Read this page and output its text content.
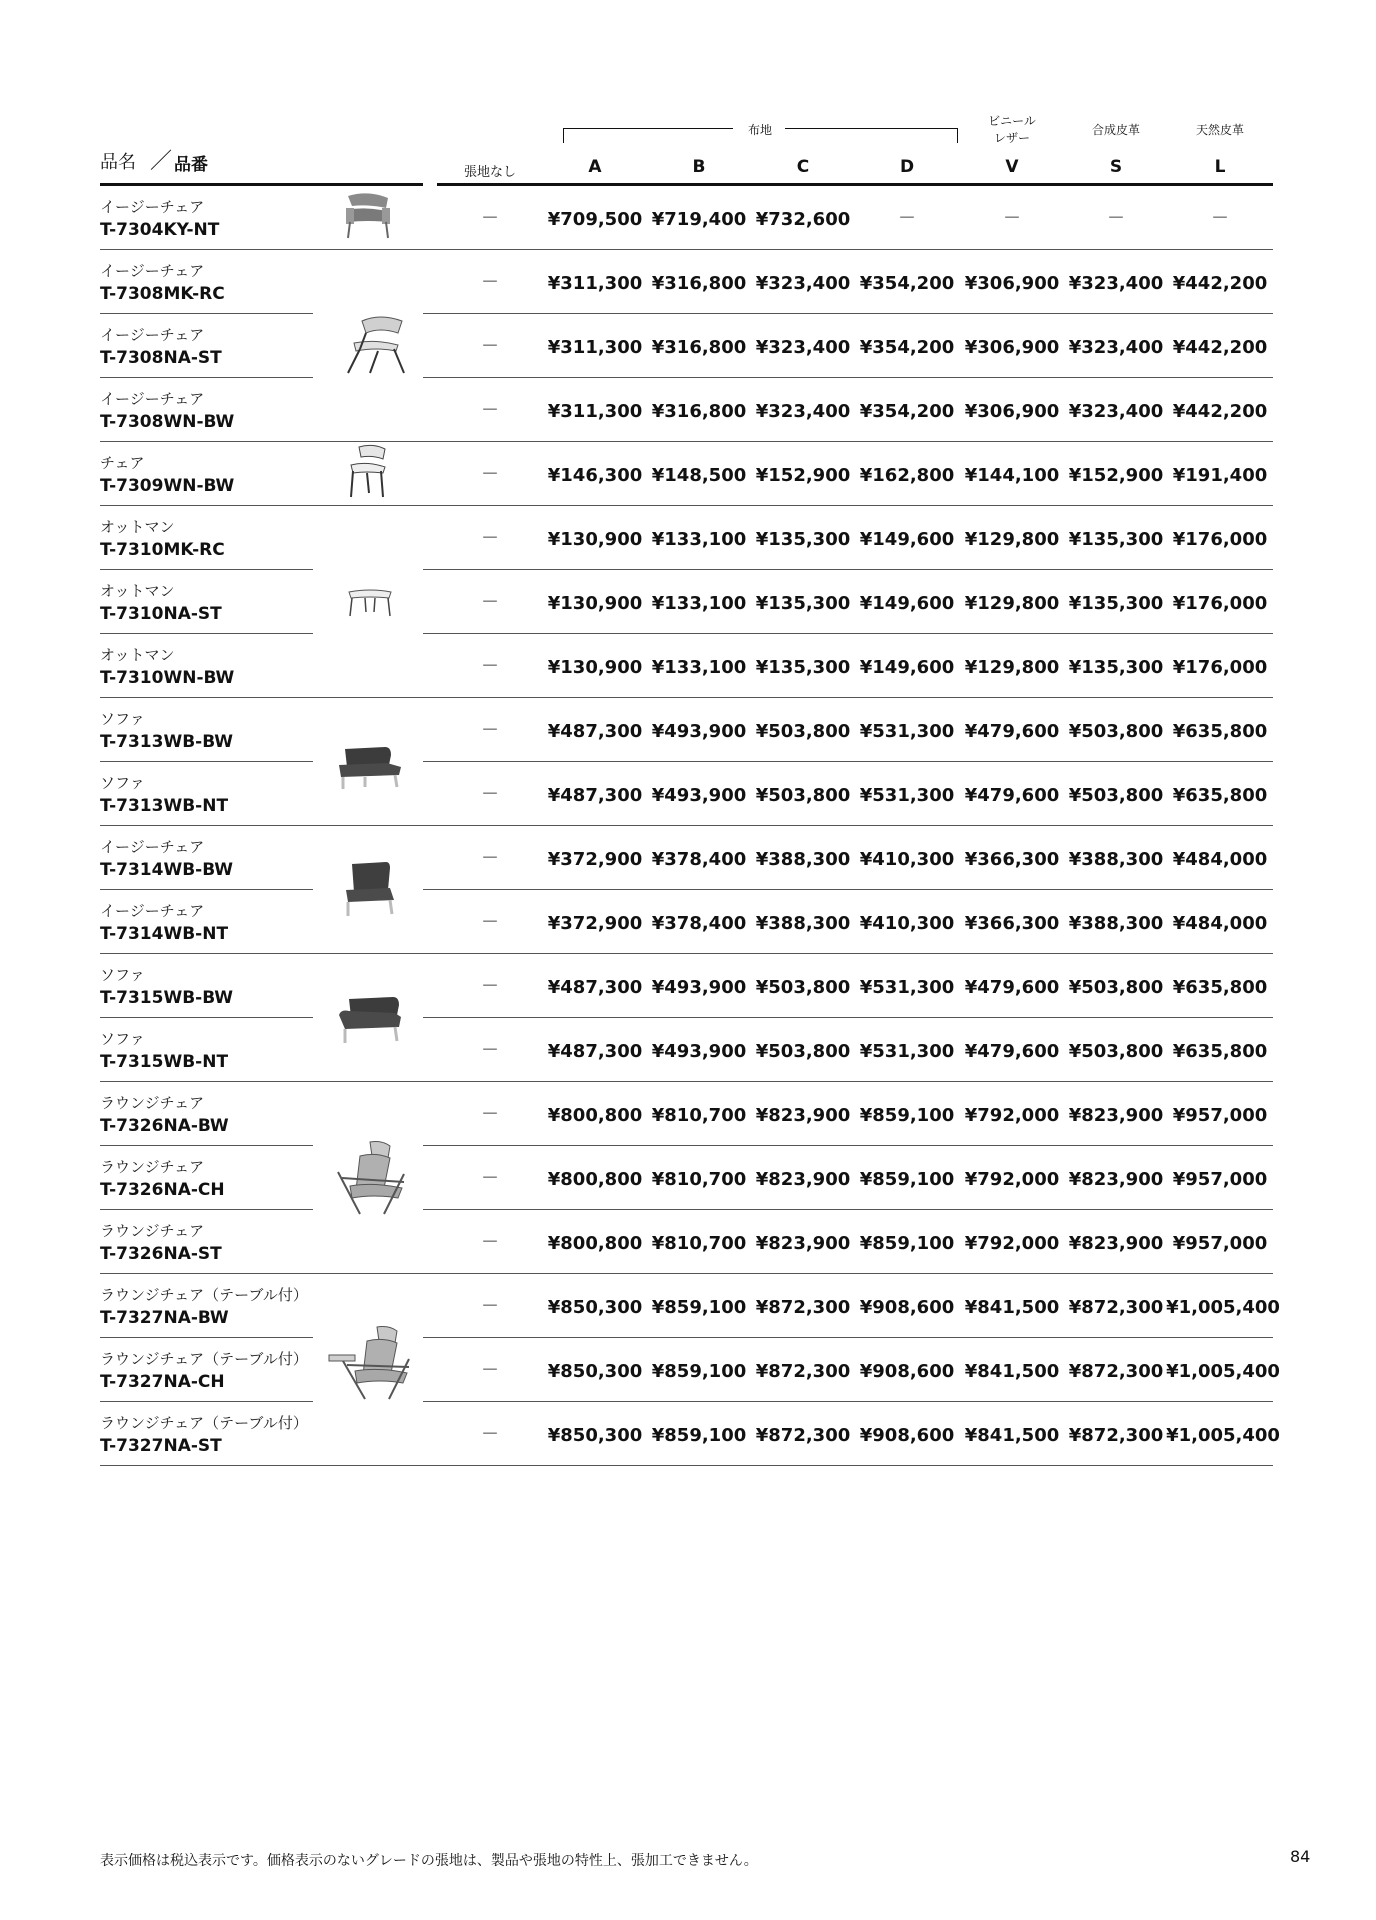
品名 ／ 品番
布地
ビニール
レザー
合成皮革	天然皮革
張地なし	A	B	C	D	V	S	L
イージーチェア
T-7304KY-NT
－	¥709,500 ¥719,400 ¥732,600	－	－	－	－
イージーチェア
T-7308MK-RC
－	¥311,300 ¥316,800 ¥323,400 ¥354,200 ¥306,900 ¥323,400 ¥442,200
イージーチェア
T-7308NA-ST
－	¥311,300 ¥316,800 ¥323,400 ¥354,200 ¥306,900 ¥323,400 ¥442,200
イージーチェア
T-7308WN-BW
－	¥311,300 ¥316,800 ¥323,400 ¥354,200 ¥306,900 ¥323,400 ¥442,200
チェア
T-7309WN-BW
－	¥146,300 ¥148,500 ¥152,900 ¥162,800 ¥144,100 ¥152,900 ¥191,400
オットマン
T-7310MK-RC
－	¥130,900 ¥133,100 ¥135,300 ¥149,600 ¥129,800 ¥135,300 ¥176,000
オットマン
T-7310NA-ST
－	¥130,900 ¥133,100 ¥135,300 ¥149,600 ¥129,800 ¥135,300 ¥176,000
オットマン
T-7310WN-BW
－	¥130,900 ¥133,100 ¥135,300 ¥149,600 ¥129,800 ¥135,300 ¥176,000
ソファ
T-7313WB-BW
－	¥487,300 ¥493,900 ¥503,800 ¥531,300 ¥479,600 ¥503,800 ¥635,800
ソファ
T-7313WB-NT
－	¥487,300 ¥493,900 ¥503,800 ¥531,300 ¥479,600 ¥503,800 ¥635,800
イージーチェア
T-7314WB-BW
－	¥372,900 ¥378,400 ¥388,300 ¥410,300 ¥366,300 ¥388,300 ¥484,000
イージーチェア
T-7314WB-NT
－	¥372,900 ¥378,400 ¥388,300 ¥410,300 ¥366,300 ¥388,300 ¥484,000
ソファ
T-7315WB-BW
－	¥487,300 ¥493,900 ¥503,800 ¥531,300 ¥479,600 ¥503,800 ¥635,800
ソファ
T-7315WB-NT
－	¥487,300 ¥493,900 ¥503,800 ¥531,300 ¥479,600 ¥503,800 ¥635,800
ラウンジチェア
T-7326NA-BW
－	¥800,800 ¥810,700 ¥823,900 ¥859,100 ¥792,000 ¥823,900 ¥957,000
ラウンジチェア
T-7326NA-CH
－	¥800,800 ¥810,700 ¥823,900 ¥859,100 ¥792,000 ¥823,900 ¥957,000
ラウンジチェア
T-7326NA-ST
－	¥800,800 ¥810,700 ¥823,900 ¥859,100 ¥792,000 ¥823,900 ¥957,000
ラウンジチェア（テーブル付）
T-7327NA-BW
－	¥850,300 ¥859,100 ¥872,300 ¥908,600 ¥841,500 ¥872,300 ¥1,005,400
ラウンジチェア（テーブル付）
T-7327NA-CH
－	¥850,300 ¥859,100 ¥872,300 ¥908,600 ¥841,500 ¥872,300 ¥1,005,400
ラウンジチェア（テーブル付）
T-7327NA-ST
－	¥850,300 ¥859,100 ¥872,300 ¥908,600 ¥841,500 ¥872,300 ¥1,005,400
表示価格は税込表示です。価格表示のないグレードの張地は、製品や張地の特性上、張加工できません。	84
